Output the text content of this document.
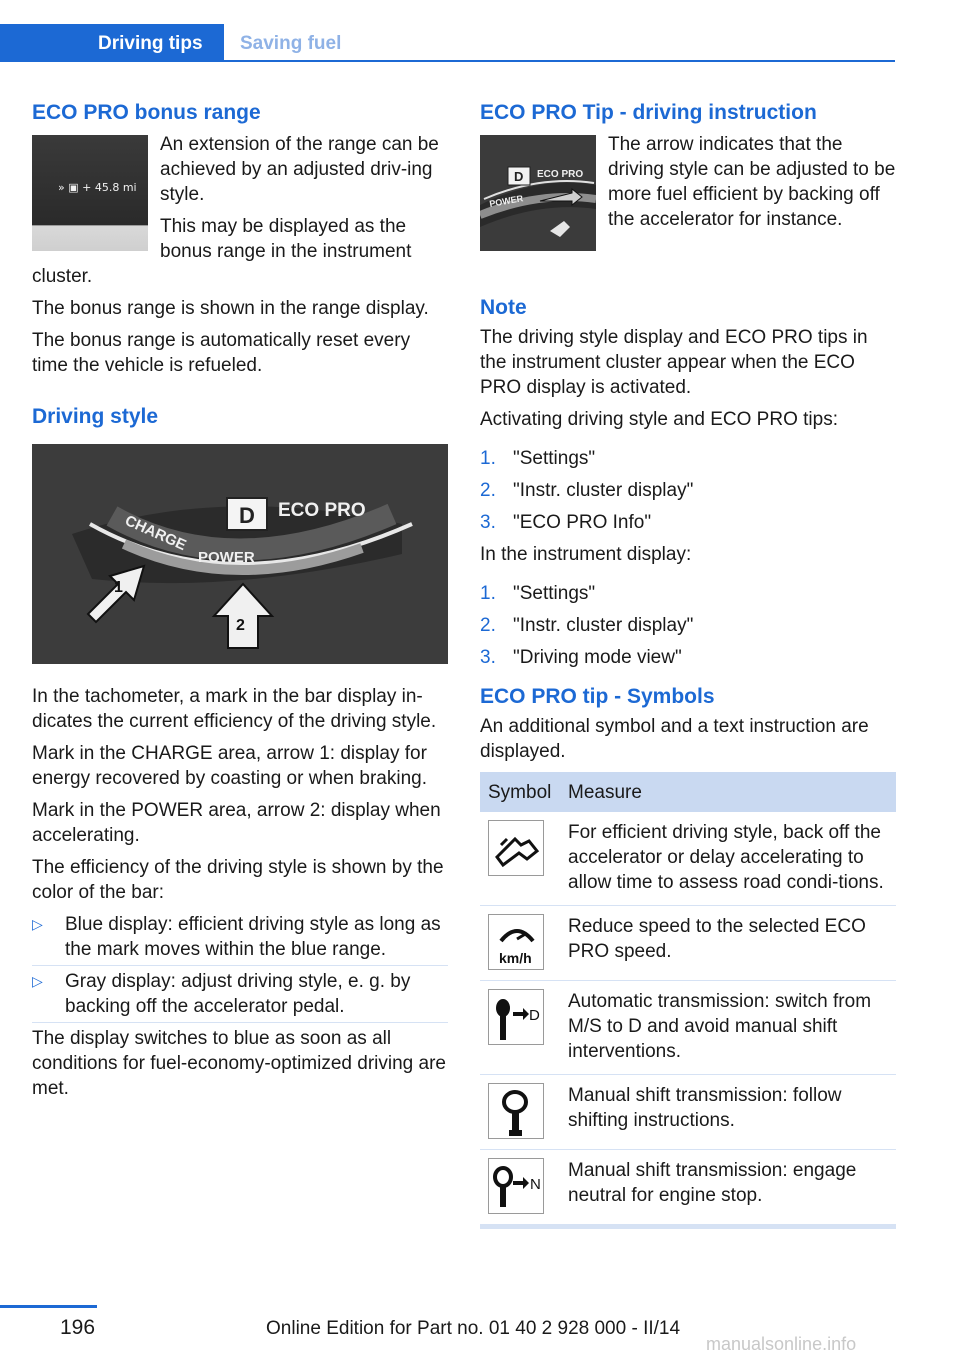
Driving tips	Saving fuel
ECO PRO bonus range
» ▣ + 45.8 mi

An extension of the range can be achieved by an adjusted driv-ing style.

This may be displayed as the bonus range in the instrument cluster.

The bonus range is shown in the range display.

The bonus range is automatically reset every time the vehicle is refueled.

Driving style
D ECO PRO
CHARGE
POWER
1
2

In the tachometer, a mark in the bar display in-dicates the current efficiency of the driving style.

Mark in the CHARGE area, arrow 1: display for energy recovered by coasting or when braking.

Mark in the POWER area, arrow 2: display when accelerating.

The efficiency of the driving style is shown by the color of the bar:

▷ Blue display: efficient driving style as long as the mark moves within the blue range.
▷ Gray display: adjust driving style, e. g. by backing off the accelerator pedal.

The display switches to blue as soon as all conditions for fuel-economy-optimized driving are met.

ECO PRO Tip - driving instruction
D ECO PRO
POWER

The arrow indicates that the driving style can be adjusted to be more fuel efficient by backing off the accelerator for instance.

Note

The driving style display and ECO PRO tips in the instrument cluster appear when the ECO PRO display is activated.

Activating driving style and ECO PRO tips:

1. "Settings"
2. "Instr. cluster display"
3. "ECO PRO Info"

In the instrument display:

1. "Settings"
2. "Instr. cluster display"
3. "Driving mode view"
ECO PRO tip - Symbols

An additional symbol and a text instruction are displayed.

Symbol	Measure

	For efficient driving style, back off the accelerator or delay accelerating to allow time to assess road condi-tions.

km/h	Reduce speed to the selected ECO PRO speed.

D	Automatic transmission: switch from M/S to D and avoid manual shift interventions.

	Manual shift transmission: follow shifting instructions.

N	Manual shift transmission: engage neutral for engine stop.
196	Online Edition for Part no. 01 40 2 928 000 - II/14
manualsonline.info
